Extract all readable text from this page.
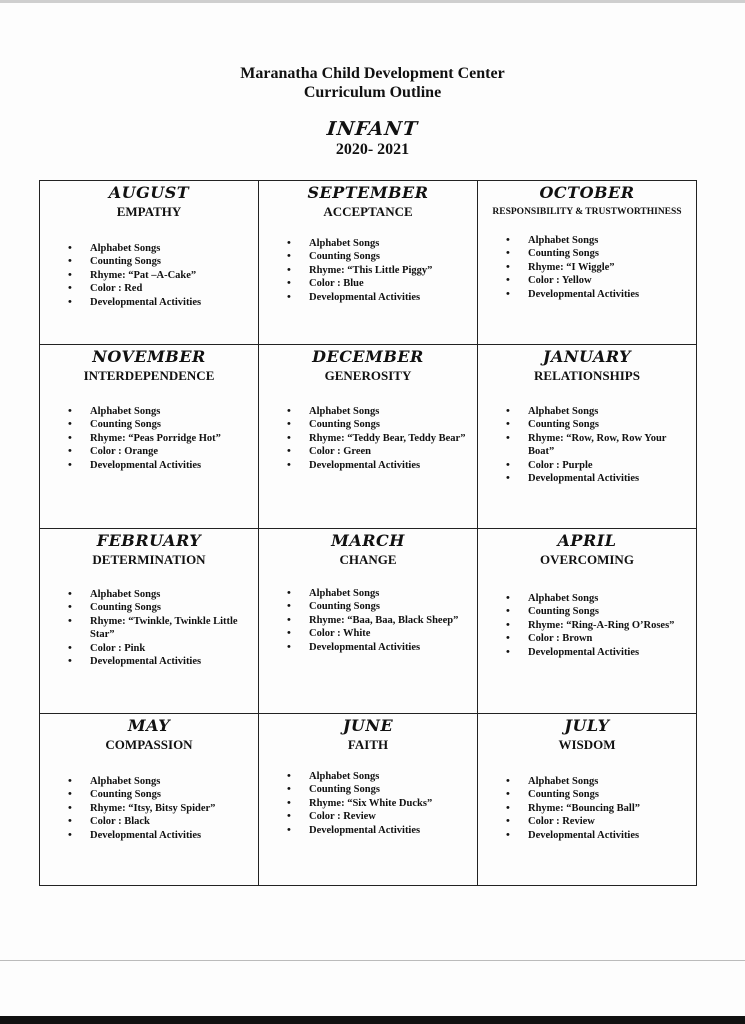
Maranatha Child Development Center
Curriculum Outline
INFANT
2020- 2021
AUGUST
EMPATHY
• Alphabet Songs
• Counting Songs
• Rhyme: “Pat –A-Cake”
• Color : Red
• Developmental Activities
SEPTEMBER
ACCEPTANCE
• Alphabet Songs
• Counting Songs
• Rhyme: “This Little Piggy”
• Color : Blue
• Developmental Activities
OCTOBER
RESPONSIBILITY & TRUSTWORTHINESS
• Alphabet Songs
• Counting Songs
• Rhyme: “I Wiggle”
• Color : Yellow
• Developmental Activities
NOVEMBER
INTERDEPENDENCE
• Alphabet Songs
• Counting Songs
• Rhyme: “Peas Porridge Hot”
• Color : Orange
• Developmental Activities
DECEMBER
GENEROSITY
• Alphabet Songs
• Counting Songs
• Rhyme: “Teddy Bear, Teddy Bear”
• Color : Green
• Developmental Activities
JANUARY
RELATIONSHIPS
• Alphabet Songs
• Counting Songs
• Rhyme: “Row, Row, Row Your Boat”
• Color : Purple
• Developmental Activities
FEBRUARY
DETERMINATION
• Alphabet Songs
• Counting Songs
• Rhyme: “Twinkle, Twinkle Little Star”
• Color : Pink
• Developmental Activities
MARCH
CHANGE
• Alphabet Songs
• Counting Songs
• Rhyme: “Baa, Baa, Black Sheep”
• Color : White
• Developmental Activities
APRIL
OVERCOMING
• Alphabet Songs
• Counting Songs
• Rhyme: “Ring-A-Ring O’Roses”
• Color : Brown
• Developmental Activities
MAY
COMPASSION
• Alphabet Songs
• Counting Songs
• Rhyme: “Itsy, Bitsy Spider”
• Color : Black
• Developmental Activities
JUNE
FAITH
• Alphabet Songs
• Counting Songs
• Rhyme: “Six White Ducks”
• Color : Review
• Developmental Activities
JULY
WISDOM
• Alphabet Songs
• Counting Songs
• Rhyme: “Bouncing Ball”
• Color : Review
• Developmental Activities
